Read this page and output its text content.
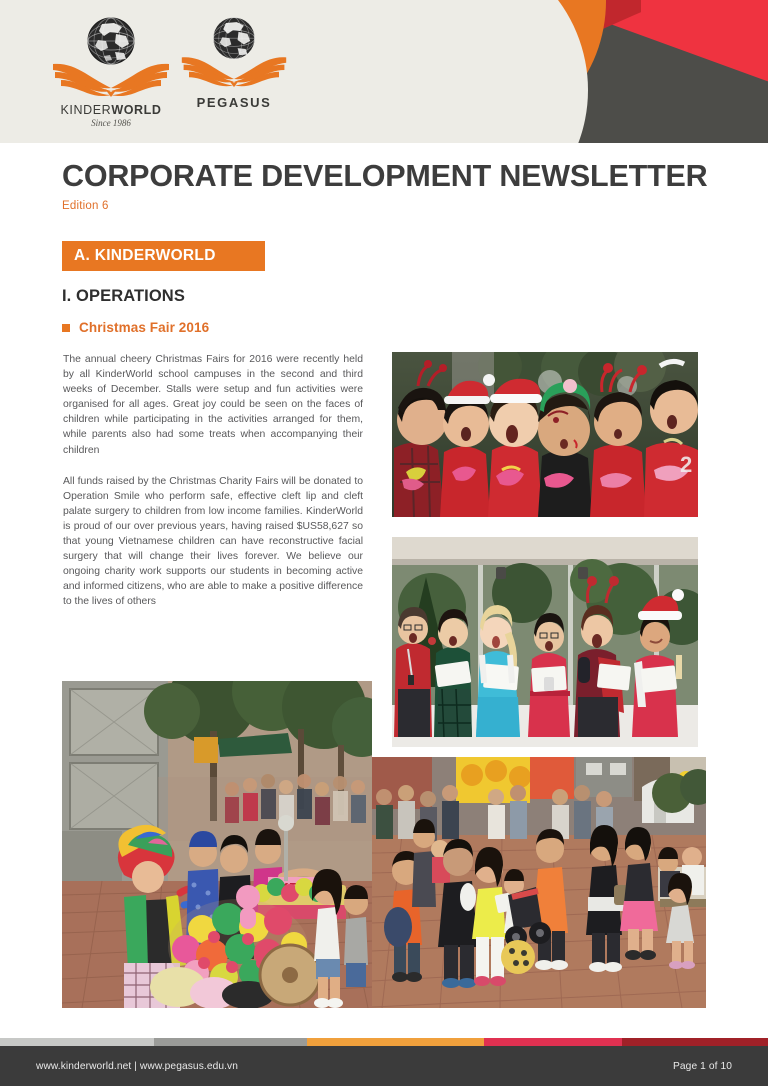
KINDERWORLD
Since 1986
PEGASUS
CORPORATE DEVELOPMENT NEWSLETTER
Edition 6
A. KINDERWORLD
I. OPERATIONS
Christmas Fair 2016

The annual cheery Christmas Fairs for 2016 were recently held by all KinderWorld school campuses in the second and third weeks of December. Stalls were setup and fun activities were organised for all ages. Great joy could be seen on the faces of children while participating in the activities arranged for them, while parents also had some treats when accompanying their children

All funds raised by the Christmas Charity Fairs will be donated to Operation Smile who perform safe, effective cleft lip and cleft palate surgery to children from low income families. KinderWorld is proud of our over previous years, having raised $US58,627 so that young Vietnamese children can have reconstructive facial surgery that will change their lives forever. We believe our ongoing charity work supports our students in becoming active and informed citizens, who are able to make a positive difference to the lives of others

2
www.kinderworld.net | www.pegasus.edu.vn	Page 1 of 10
